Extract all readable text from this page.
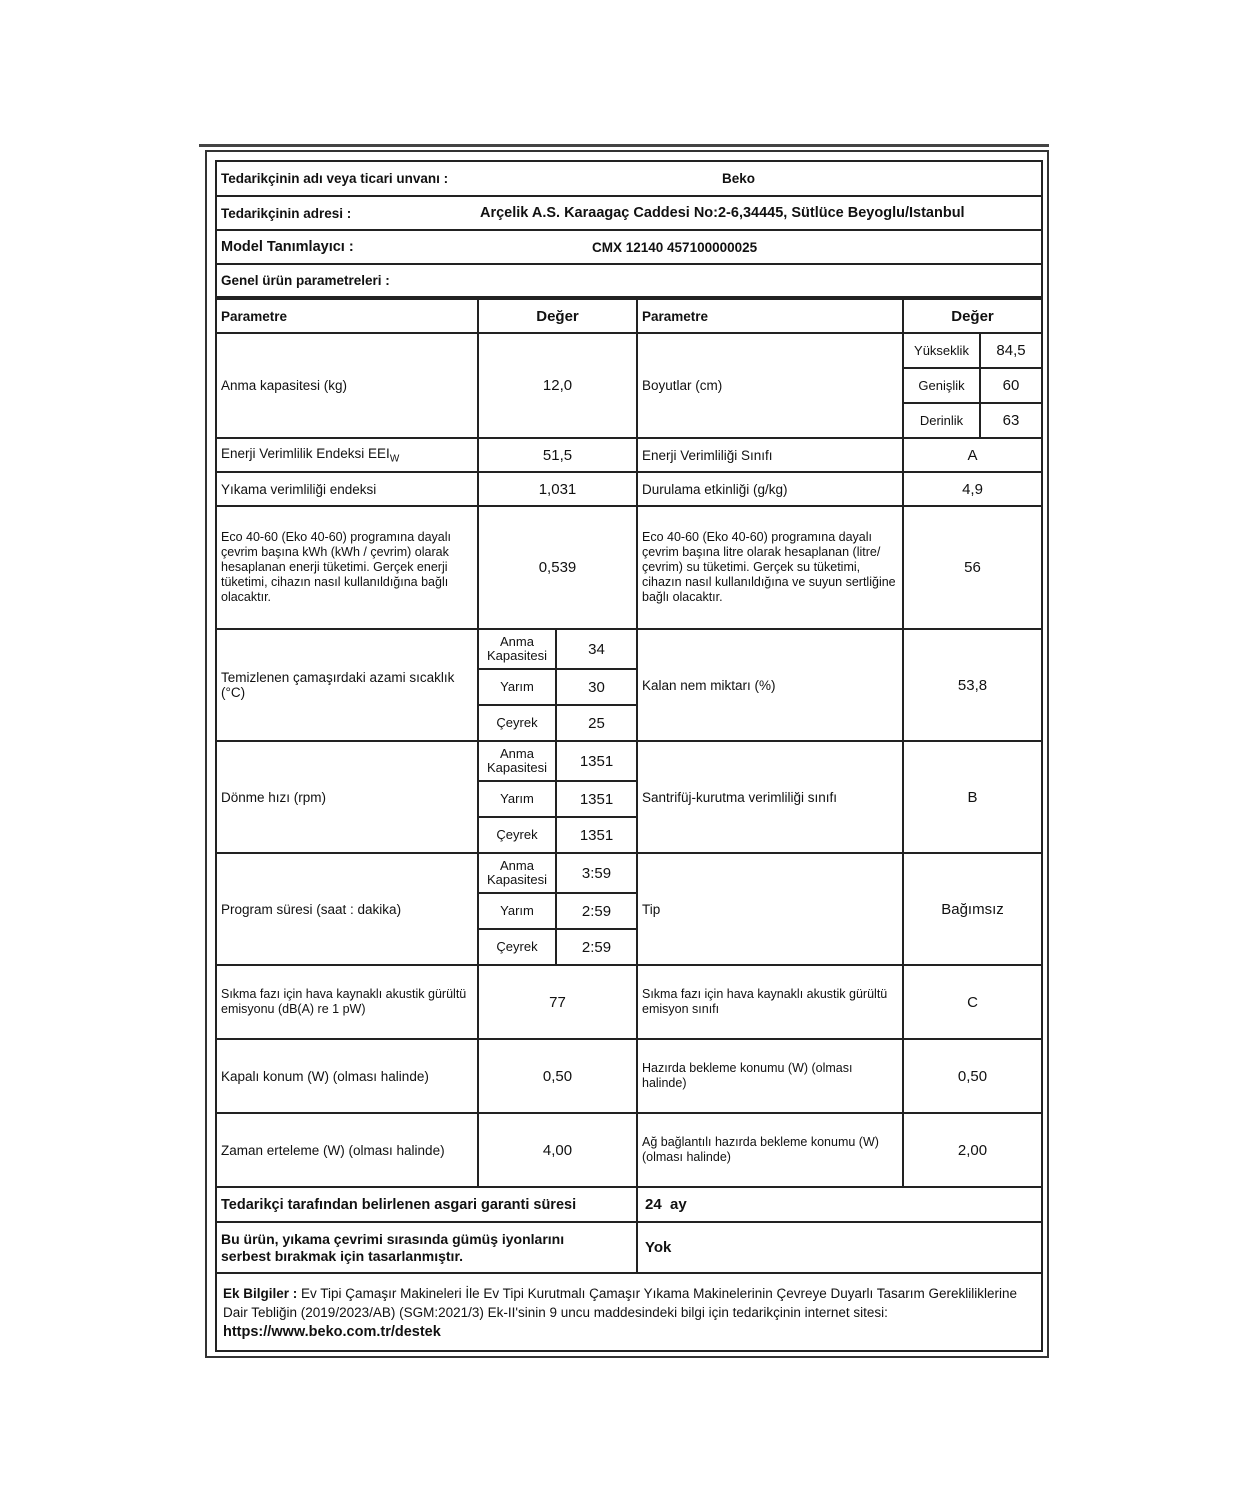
Tedarikçinin adı veya ticari unvanı :	Beko
Tedarikçinin adresi :	Arçelik A.S. Karaagaç Caddesi No:2-6,34445, Sütlüce Beyoglu/Istanbul
Model Tanımlayıcı :	CMX 12140 457100000025
Genel ürün parametreleri :	
Parametre	Değer		Parametre	Değer	
Anma kapasitesi (kg)	12,0		Boyutlar (cm)	Yükseklik	84,5
				Genişlik	60
				Derinlik	63
Enerji Verimlilik Endeksi $EEI_W$	51,5		Enerji Verimliliği Sınıfı	A	
Yıkama verimliliği endeksi	1,031		Durulama etkinliği (g/kg)	4,9	
Eco 40-60 (Eko 40-60) programına dayalı çevrim başına kWh (kWh / çevrim) olarak hesaplanan enerji tüketimi. Gerçek enerji tüketimi, cihazın nasıl kullanıldığına bağlı olacaktır.	0,539		Eco 40-60 (Eko 40-60) programına dayalı çevrim başına litre olarak hesaplanan (litre/çevrim) su tüketimi. Gerçek su tüketimi, cihazın nasıl kullanıldığına ve suyun sertliğine bağlı olacaktır.	56	
Temizlenen çamaşırdaki azami sıcaklık (°C)	Anma Kapasitesi	34	Kalan nem miktarı (%)	53,8	
	Yarım	30			
	Çeyrek	25			
Dönme hızı (rpm)	Anma Kapasitesi	1351	Santrifüj-kurutma verimliliği sınıfı	B	
	Yarım	1351			
	Çeyrek	1351			
Program süresi (saat : dakika)	Anma Kapasitesi	3:59	Tip	Bağımsız	
	Yarım	2:59			
	Çeyrek	2:59			
Sıkma fazı için hava kaynaklı akustik gürültü emisyonu (dB(A) re 1 pW)	77		Sıkma fazı için hava kaynaklı akustik gürültü emisyon sınıfı	C	
Kapalı konum (W) (olması halinde)	0,50		Hazırda bekleme konumu (W) (olması halinde)	0,50	
Zaman erteleme (W) (olması halinde)	4,00		Ağ bağlantılı hazırda bekleme konumu (W) (olması halinde)	2,00	
Tedarikçi tarafından belirlenen asgari garanti süresi			24  ay		
Bu ürün, yıkama çevrimi sırasında gümüş iyonlarını serbest bırakmak için tasarlanmıştır.			Yok		
Ek Bilgiler : Ev Tipi Çamaşır Makineleri İle Ev Tipi Kurutmalı Çamaşır Yıkama Makinelerinin Çevreye Duyarlı Tasarım Gerekliliklerine Dair Tebliğin (2019/2023/AB) (SGM:2021/3) Ek-II'sinin 9 uncu maddesindeki bilgi için tedarikçinin internet sitesi: https://www.beko.com.tr/destek
